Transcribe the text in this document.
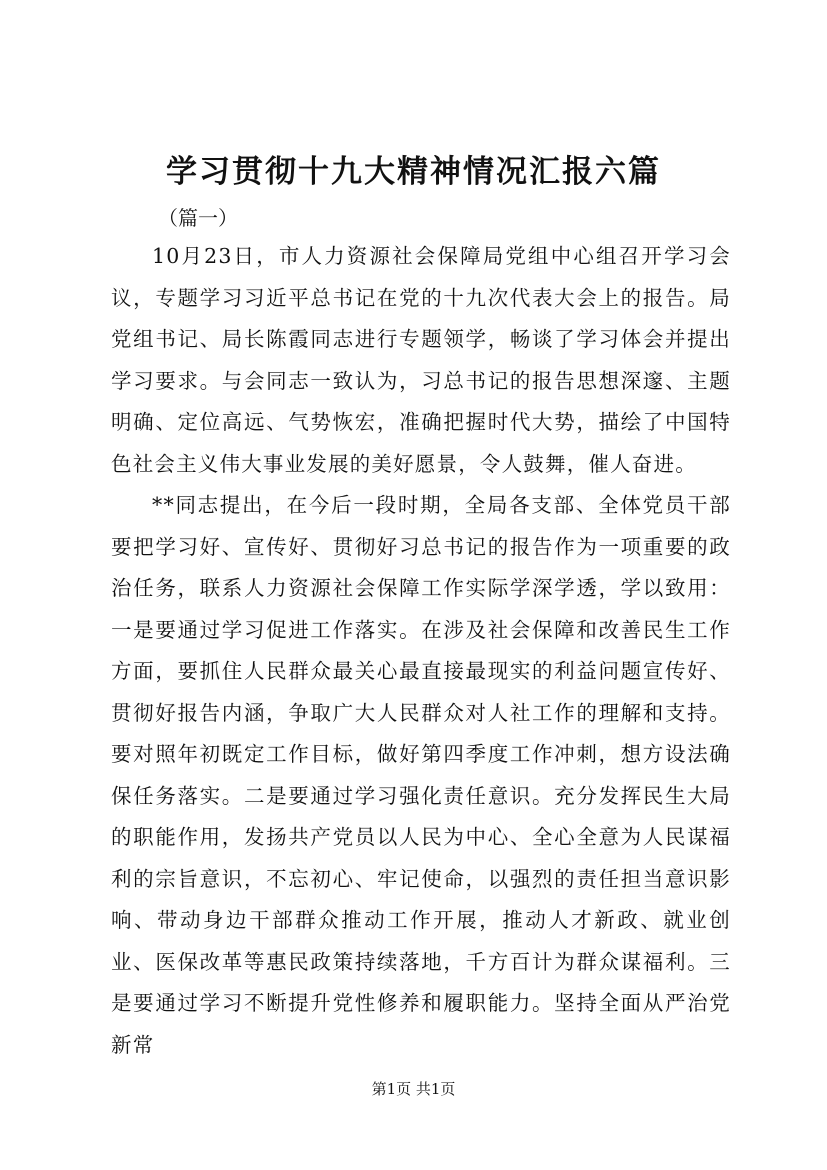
学习贯彻十九大精神情况汇报六篇

（篇一）

10月23日，市人力资源社会保障局党组中心组召开学习会议，专题学习习近平总书记在党的十九次代表大会上的报告。局党组书记、局长陈霞同志进行专题领学，畅谈了学习体会并提出学习要求。与会同志一致认为，习总书记的报告思想深邃、主题明确、定位高远、气势恢宏，准确把握时代大势，描绘了中国特色社会主义伟大事业发展的美好愿景，令人鼓舞，催人奋进。

**同志提出，在今后一段时期，全局各支部、全体党员干部要把学习好、宣传好、贯彻好习总书记的报告作为一项重要的政治任务，联系人力资源社会保障工作实际学深学透，学以致用：一是要通过学习促进工作落实。在涉及社会保障和改善民生工作方面，要抓住人民群众最关心最直接最现实的利益问题宣传好、贯彻好报告内涵，争取广大人民群众对人社工作的理解和支持。要对照年初既定工作目标，做好第四季度工作冲刺，想方设法确保任务落实。二是要通过学习强化责任意识。充分发挥民生大局的职能作用，发扬共产党员以人民为中心、全心全意为人民谋福利的宗旨意识，不忘初心、牢记使命，以强烈的责任担当意识影响、带动身边干部群众推动工作开展，推动人才新政、就业创业、医保改革等惠民政策持续落地，千方百计为群众谋福利。三是要通过学习不断提升党性修养和履职能力。坚持全面从严治党新常

第1页 共1页
